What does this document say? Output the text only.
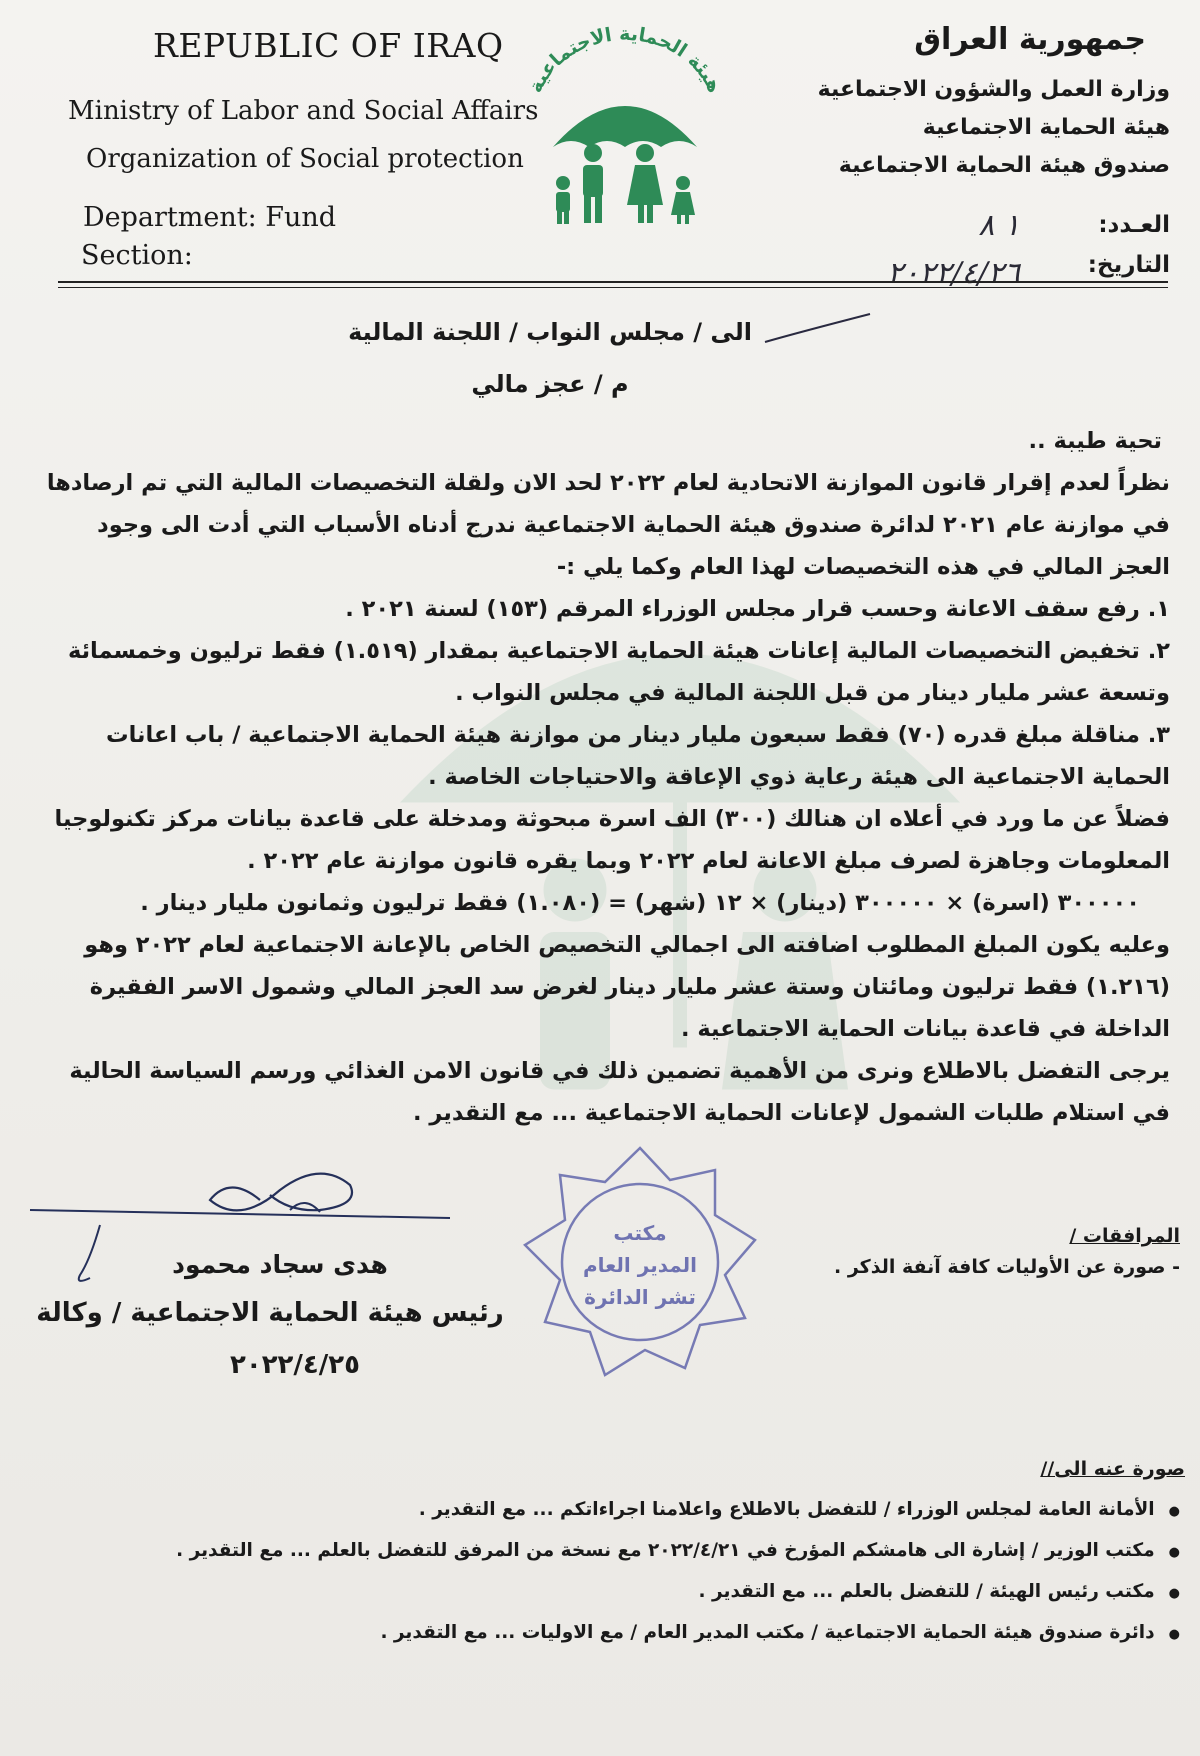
REPUBLIC OF IRAQ
Ministry of Labor and Social Affairs
Organization of Social protection
Department: Fund
Section:
هيئة الحماية الاجتماعية
جمهورية العراق
وزارة العمل والشؤون الاجتماعية
هيئة الحماية الاجتماعية
صندوق هيئة الحماية الاجتماعية
العـدد:
التاريخ:
١ ٨
٢٠٢٢/٤/٢٦
الى / مجلس النواب / اللجنة المالية
م / عجز مالي

تحية طيبة ..

نظراً لعدم إقرار قانون الموازنة الاتحادية لعام ٢٠٢٢ لحد الان ولقلة التخصيصات المالية التي تم ارصادها في موازنة عام ٢٠٢١ لدائرة صندوق هيئة الحماية الاجتماعية ندرج أدناه الأسباب التي أدت الى وجود العجز المالي في هذه التخصيصات لهذا العام وكما يلي :-

١. رفع سقف الاعانة وحسب قرار مجلس الوزراء المرقم (١٥٣) لسنة ٢٠٢١ .

٢. تخفيض التخصيصات المالية إعانات هيئة الحماية الاجتماعية بمقدار (١.٥١٩) فقط ترليون وخمسمائة وتسعة عشر مليار دينار من قبل اللجنة المالية في مجلس النواب .

٣. مناقلة مبلغ قدره (٧٠) فقط سبعون مليار دينار من موازنة هيئة الحماية الاجتماعية / باب اعانات الحماية الاجتماعية الى هيئة رعاية ذوي الإعاقة والاحتياجات الخاصة .

فضلاً عن ما ورد في أعلاه ان هنالك (٣٠٠) الف اسرة مبحوثة ومدخلة على قاعدة بيانات مركز تكنولوجيا المعلومات وجاهزة لصرف مبلغ الاعانة لعام ٢٠٢٢ وبما يقره قانون موازنة عام ٢٠٢٢ .

٣٠٠٠٠٠ (اسرة) × ٣٠٠٠٠٠ (دينار) × ١٢ (شهر) = (١.٠٨٠) فقط ترليون وثمانون مليار دينار .

وعليه يكون المبلغ المطلوب اضافته الى اجمالي التخصيص الخاص بالإعانة الاجتماعية لعام ٢٠٢٢ وهو (١.٢١٦) فقط ترليون ومائتان وستة عشر مليار دينار لغرض سد العجز المالي وشمول الاسر الفقيرة الداخلة في قاعدة بيانات الحماية الاجتماعية .

يرجى التفضل بالاطلاع ونرى من الأهمية تضمين ذلك في قانون الامن الغذائي ورسم السياسة الحالية في استلام طلبات الشمول لإعانات الحماية الاجتماعية ... مع التقدير .

هدى سجاد محمود
رئيس هيئة الحماية الاجتماعية / وكالة
٢٠٢٢/٤/٢٥
مكتب
المدير العام
تشر الدائرة
المرافقات /
- صورة عن الأوليات كافة آنفة الذكر .
صورة عنه الى//
● الأمانة العامة لمجلس الوزراء / للتفضل بالاطلاع واعلامنا اجراءاتكم ... مع التقدير .
● مكتب الوزير / إشارة الى هامشكم المؤرخ في ٢٠٢٢/٤/٢١ مع نسخة من المرفق للتفضل بالعلم ... مع التقدير .
● مكتب رئيس الهيئة / للتفضل بالعلم ... مع التقدير .
● دائرة صندوق هيئة الحماية الاجتماعية / مكتب المدير العام / مع الاوليات ... مع التقدير .
